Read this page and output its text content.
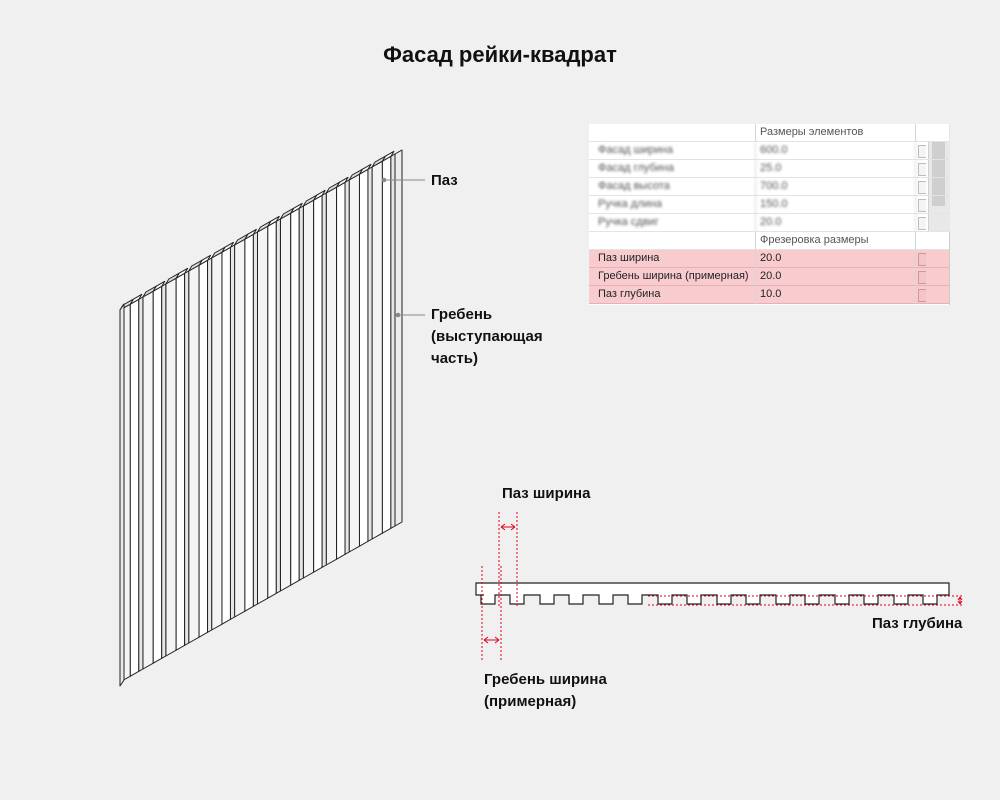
Фасад рейки-квадрат
Паз
Гребень
(выступающая
часть)
Паз ширина
Паз глубина
Гребень ширина
(примерная)
Размеры элементов
Фасад ширина	600.0
Фасад глубина	25.0
Фасад высота	700.0
Ручка длина	150.0
Ручка сдвиг	20.0
Фрезеровка размеры
Паз ширина	20.0
Гребень ширина (примерная)	20.0
Паз глубина	10.0
